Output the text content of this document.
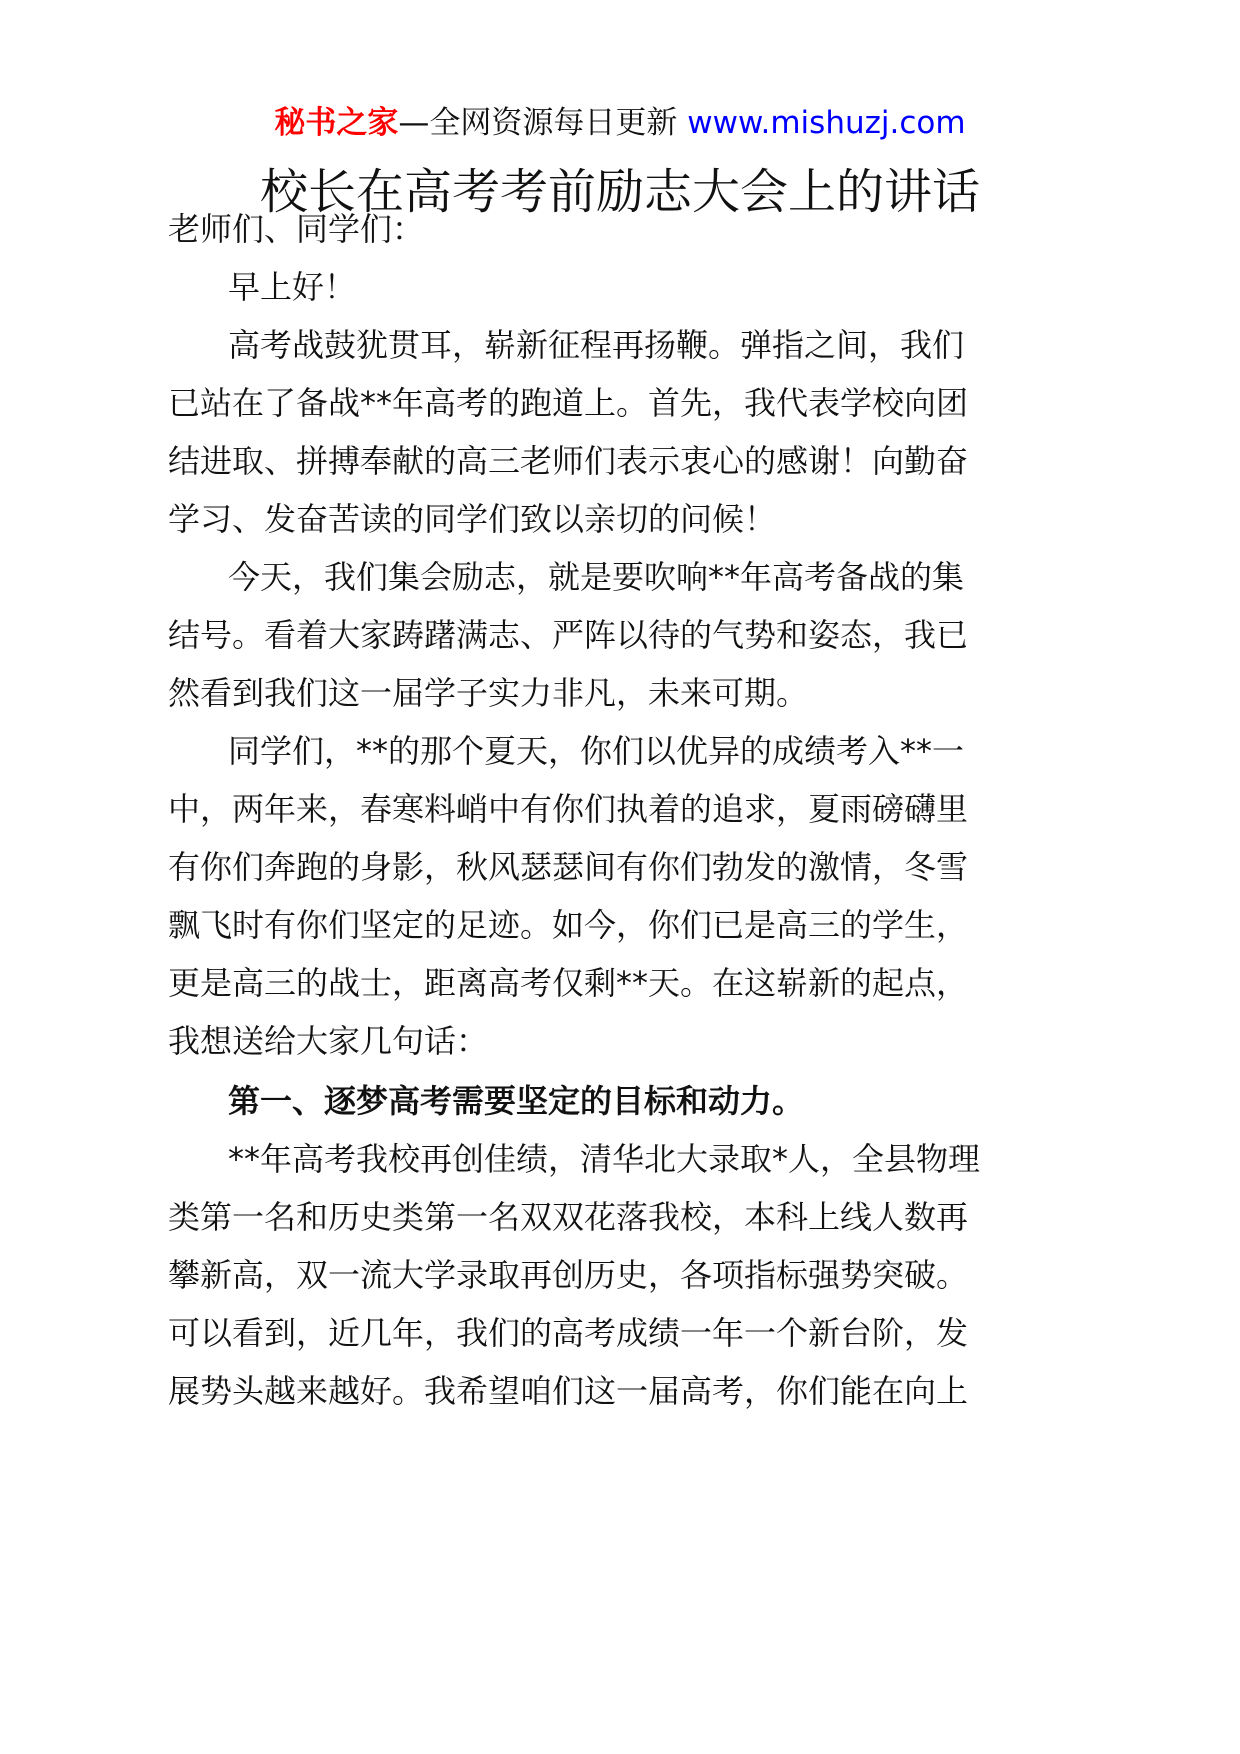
秘书之家—全网资源每日更新 www.mishuzj.com
校长在高考考前励志大会上的讲话
老师们、同学们：
早上好！
高考战鼓犹贯耳，崭新征程再扬鞭。弹指之间，我们
已站在了备战**年高考的跑道上。首先，我代表学校向团
结进取、拼搏奉献的高三老师们表示衷心的感谢！向勤奋
学习、发奋苦读的同学们致以亲切的问候！
今天，我们集会励志，就是要吹响**年高考备战的集
结号。看着大家踌躇满志、严阵以待的气势和姿态，我已
然看到我们这一届学子实力非凡，未来可期。
同学们，**的那个夏天，你们以优异的成绩考入**一
中，两年来，春寒料峭中有你们执着的追求，夏雨磅礴里
有你们奔跑的身影，秋风瑟瑟间有你们勃发的激情，冬雪
飘飞时有你们坚定的足迹。如今，你们已是高三的学生，
更是高三的战士，距离高考仅剩**天。在这崭新的起点，
我想送给大家几句话：
第一、逐梦高考需要坚定的目标和动力。
**年高考我校再创佳绩，清华北大录取*人，全县物理
类第一名和历史类第一名双双花落我校，本科上线人数再
攀新高，双一流大学录取再创历史，各项指标强势突破。
可以看到，近几年，我们的高考成绩一年一个新台阶，发
展势头越来越好。我希望咱们这一届高考，你们能在向上
